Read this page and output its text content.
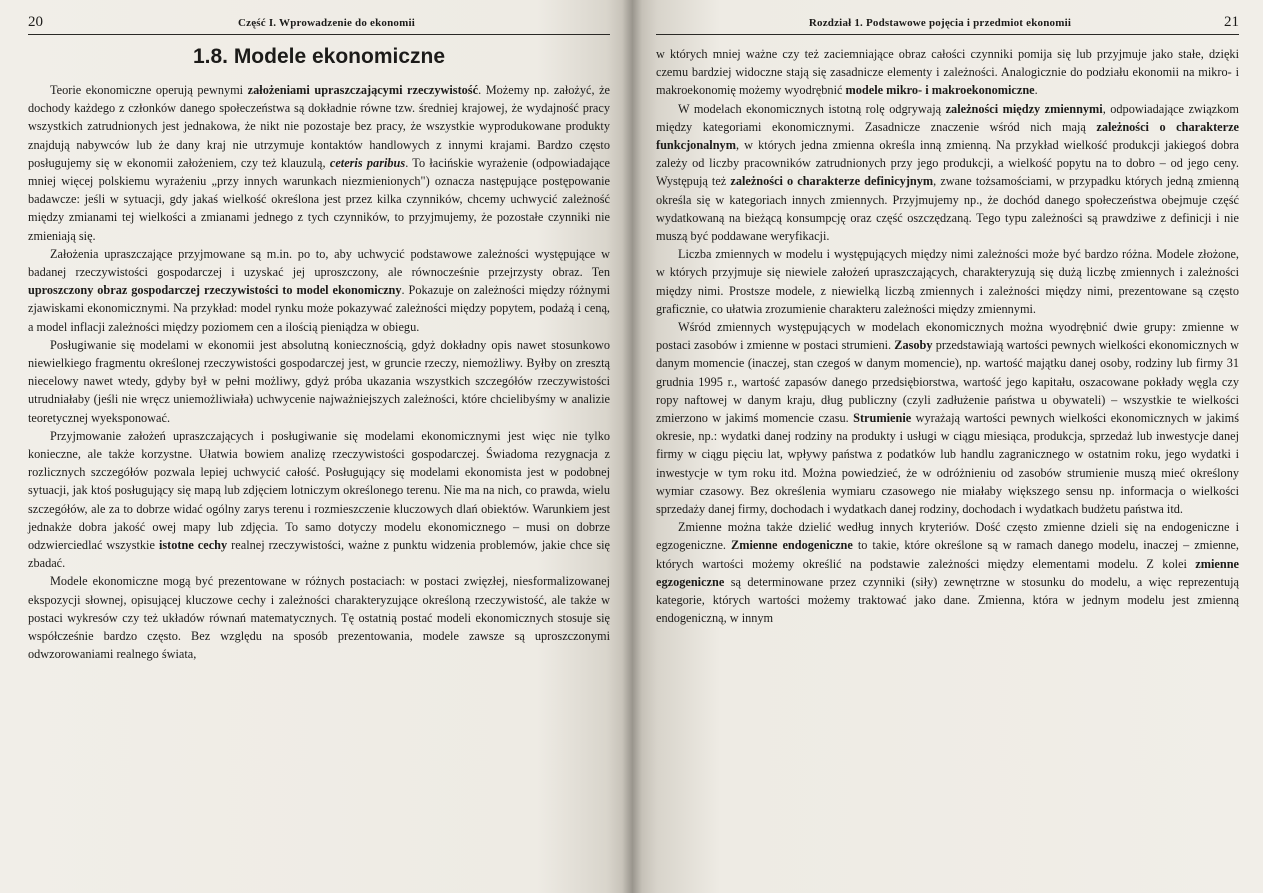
20	Część I. Wprowadzenie do ekonomii
1.8. Modele ekonomiczne

Teorie ekonomiczne operują pewnymi założeniami upraszczającymi rzeczywistość. Możemy np. założyć, że dochody każdego z członków danego społeczeństwa są dokładnie równe tzw. średniej krajowej, że wydajność pracy wszystkich zatrudnionych jest jednakowa, że nikt nie pozostaje bez pracy, że wszystkie wyprodukowane produkty znajdują nabywców lub że dany kraj nie utrzymuje kontaktów handlowych z innymi krajami. Bardzo często posługujemy się w ekonomii założeniem, czy też klauzulą, ceteris paribus. To łacińskie wyrażenie (odpowiadające mniej więcej polskiemu wyrażeniu „przy innych warunkach niezmienionych") oznacza następujące postępowanie badawcze: jeśli w sytuacji, gdy jakaś wielkość określona jest przez kilka czynników, chcemy uchwycić zależność między zmianami tej wielkości a zmianami jednego z tych czynników, to przyjmujemy, że pozostałe czynniki nie zmieniają się.

Założenia upraszczające przyjmowane są m.in. po to, aby uchwycić podstawowe zależności występujące w badanej rzeczywistości gospodarczej i uzyskać jej uproszczony, ale równocześnie przejrzysty obraz. Ten uproszczony obraz gospodarczej rzeczywistości to model ekonomiczny. Pokazuje on zależności między różnymi zjawiskami ekonomicznymi. Na przykład: model rynku może pokazywać zależności między popytem, podażą i ceną, a model inflacji zależności między poziomem cen a ilością pieniądza w obiegu.

Posługiwanie się modelami w ekonomii jest absolutną koniecznością, gdyż dokładny opis nawet stosunkowo niewielkiego fragmentu określonej rzeczywistości gospodarczej jest, w gruncie rzeczy, niemożliwy. Byłby on zresztą niecelowy nawet wtedy, gdyby był w pełni możliwy, gdyż próba ukazania wszystkich szczegółów rzeczywistości utrudniałaby (jeśli nie wręcz uniemożliwiała) uchwycenie najważniejszych zależności, które chcielibyśmy w analizie teoretycznej wyeksponować.

Przyjmowanie założeń upraszczających i posługiwanie się modelami ekonomicznymi jest więc nie tylko konieczne, ale także korzystne. Ułatwia bowiem analizę rzeczywistości gospodarczej. Świadoma rezygnacja z rozlicznych szczegółów pozwala lepiej uchwycić całość. Posługujący się modelami ekonomista jest w podobnej sytuacji, jak ktoś posługujący się mapą lub zdjęciem lotniczym określonego terenu. Nie ma na nich, co prawda, wielu szczegółów, ale za to dobrze widać ogólny zarys terenu i rozmieszczenie kluczowych dlań obiektów. Warunkiem jest jednakże dobra jakość owej mapy lub zdjęcia. To samo dotyczy modelu ekonomicznego – musi on dobrze odzwierciedlać wszystkie istotne cechy realnej rzeczywistości, ważne z punktu widzenia problemów, jakie chce się zbadać.

Modele ekonomiczne mogą być prezentowane w różnych postaciach: w postaci zwięzłej, niesformalizowanej ekspozycji słownej, opisującej kluczowe cechy i zależności charakteryzujące określoną rzeczywistość, ale także w postaci wykresów czy też układów równań matematycznych. Tę ostatnią postać modeli ekonomicznych stosuje się współcześnie bardzo często. Bez względu na sposób prezentowania, modele zawsze są uproszczonymi odwzorowaniami realnego świata,

Rozdział 1. Podstawowe pojęcia i przedmiot ekonomii	21

w których mniej ważne czy też zaciemniające obraz całości czynniki pomija się lub przyjmuje jako stałe, dzięki czemu bardziej widoczne stają się zasadnicze elementy i zależności. Analogicznie do podziału ekonomii na mikro- i makroekonomię możemy wyodrębnić modele mikro- i makroekonomiczne.

W modelach ekonomicznych istotną rolę odgrywają zależności między zmiennymi, odpowiadające związkom między kategoriami ekonomicznymi. Zasadnicze znaczenie wśród nich mają zależności o charakterze funkcjonalnym, w których jedna zmienna określa inną zmienną. Na przykład wielkość produkcji jakiegoś dobra zależy od liczby pracowników zatrudnionych przy jego produkcji, a wielkość popytu na to dobro – od jego ceny. Występują też zależności o charakterze definicyjnym, zwane tożsamościami, w przypadku których jedną zmienną określa się w kategoriach innych zmiennych. Przyjmujemy np., że dochód danego społeczeństwa obejmuje część wydatkowaną na bieżącą konsumpcję oraz część oszczędzaną. Tego typu zależności są prawdziwe z definicji i nie muszą być poddawane weryfikacji.

Liczba zmiennych w modelu i występujących między nimi zależności może być bardzo różna. Modele złożone, w których przyjmuje się niewiele założeń upraszczających, charakteryzują się dużą liczbę zmiennych i zależności między nimi. Prostsze modele, z niewielką liczbą zmiennych i zależności między nimi, prezentowane są często graficznie, co ułatwia zrozumienie charakteru zależności między zmiennymi.

Wśród zmiennych występujących w modelach ekonomicznych można wyodrębnić dwie grupy: zmienne w postaci zasobów i zmienne w postaci strumieni. Zasoby przedstawiają wartości pewnych wielkości ekonomicznych w danym momencie (inaczej, stan czegoś w danym momencie), np. wartość majątku danej osoby, rodziny lub firmy 31 grudnia 1995 r., wartość zapasów danego przedsiębiorstwa, wartość jego kapitału, oszacowane pokłady węgla czy ropy naftowej w danym kraju, dług publiczny (czyli zadłużenie państwa u obywateli) – wszystkie te wielkości zmierzono w jakimś momencie czasu. Strumienie wyrażają wartości pewnych wielkości ekonomicznych w jakimś okresie, np.: wydatki danej rodziny na produkty i usługi w ciągu miesiąca, produkcja, sprzedaż lub inwestycje danej firmy w ciągu pięciu lat, wpływy państwa z podatków lub handlu zagranicznego w ostatnim roku, jego wydatki i inwestycje w tym roku itd. Można powiedzieć, że w odróżnieniu od zasobów strumienie muszą mieć określony wymiar czasowy. Bez określenia wymiaru czasowego nie miałaby większego sensu np. informacja o wielkości sprzedaży danej firmy, dochodach i wydatkach danej rodziny, dochodach i wydatkach budżetu państwa itd.

Zmienne można także dzielić według innych kryteriów. Dość często zmienne dzieli się na endogeniczne i egzogeniczne. Zmienne endogeniczne to takie, które określone są w ramach danego modelu, inaczej – zmienne, których wartości możemy określić na podstawie zależności między elementami modelu. Z kolei zmienne egzogeniczne są determinowane przez czynniki (siły) zewnętrzne w stosunku do modelu, a więc reprezentują kategorie, których wartości możemy traktować jako dane. Zmienna, która w jednym modelu jest zmienną endogeniczną, w innym
